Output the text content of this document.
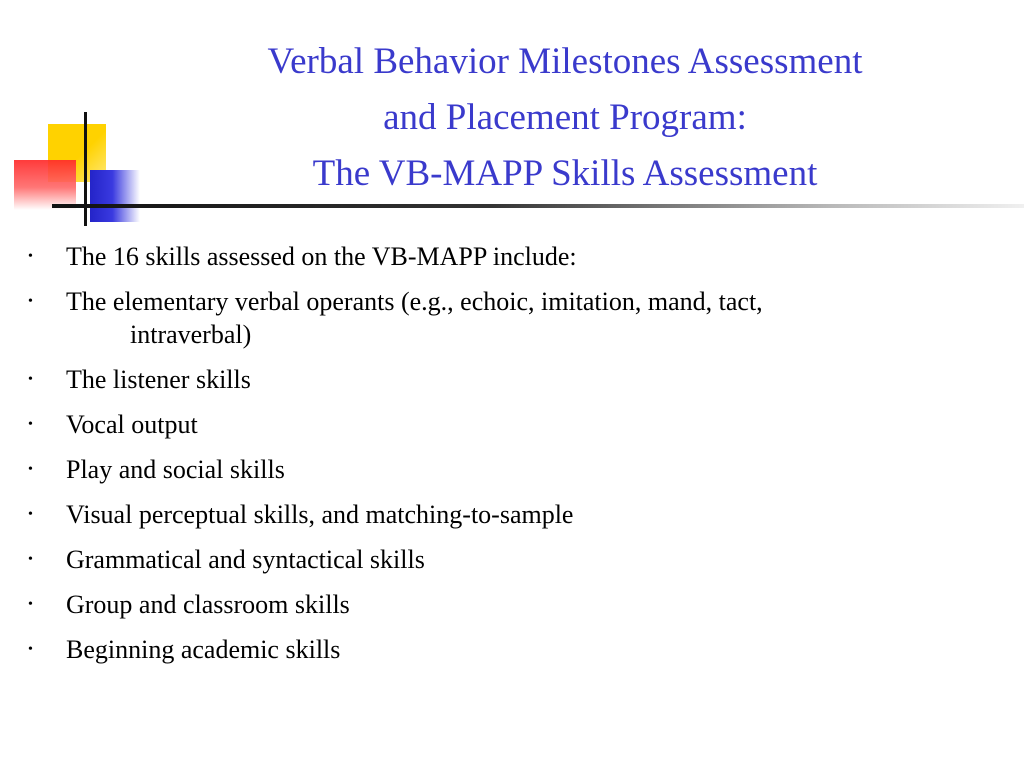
Verbal Behavior Milestones Assessment
and Placement Program:
The VB-MAPP Skills Assessment
• The 16 skills assessed on the VB-MAPP include:
• The elementary verbal operants (e.g., echoic, imitation, mand, tact,
intraverbal)
• The listener skills
• Vocal output
• Play and social skills
• Visual perceptual skills, and matching-to-sample
• Grammatical and syntactical skills
• Group and classroom skills
• Beginning academic skills
